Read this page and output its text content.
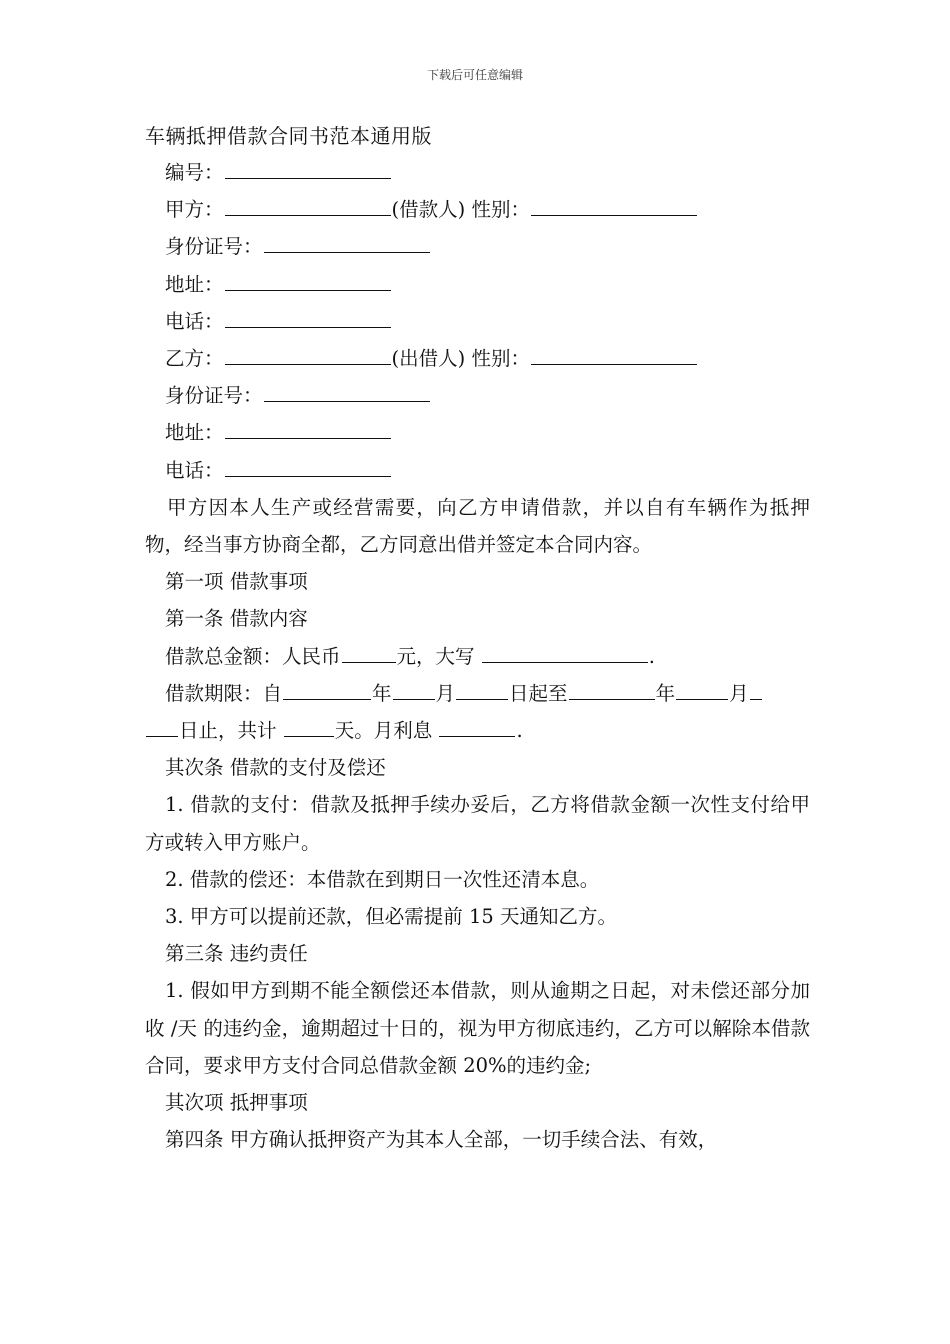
下载后可任意编辑
车辆抵押借款合同书范本通用版

编号：

甲方：	(借款人) 性别：

身份证号：

地址：

电话：

乙方：	(出借人) 性别：

身份证号：

地址：

电话：

甲方因本人生产或经营需要，向乙方申请借款，并以自有车辆作为抵押物，经当事方协商全都，乙方同意出借并签定本合同内容。

第一项 借款事项

第一条 借款内容

借款总金额：人民币	元，大写	.

借款期限：自	年 月	日起至	年	月

日止，共计	天。月利息	.

其次条 借款的支付及偿还

1. 借款的支付：借款及抵押手续办妥后，乙方将借款金额一次性支付给甲方或转入甲方账户。

2. 借款的偿还：本借款在到期日一次性还清本息。

3. 甲方可以提前还款，但必需提前 15 天通知乙方。

第三条 违约责任

1. 假如甲方到期不能全额偿还本借款，则从逾期之日起，对未偿还部分加收 /天 的违约金，逾期超过十日的，视为甲方彻底违约，乙方可以解除本借款合同，要求甲方支付合同总借款金额 20%的违约金;

其次项 抵押事项

第四条 甲方确认抵押资产为其本人全部，一切手续合法、有效，
